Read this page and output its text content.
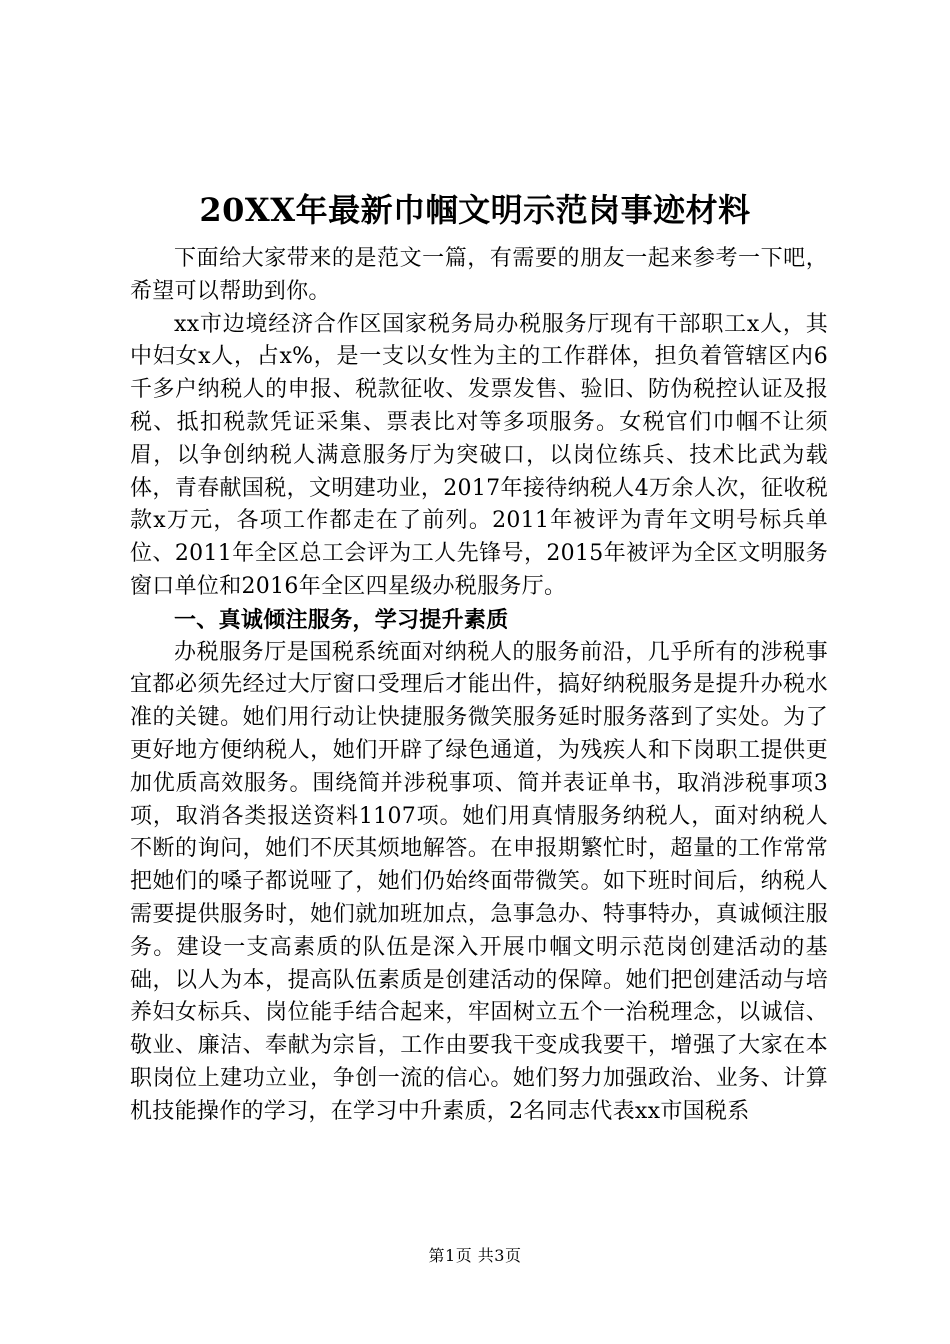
20XX年最新巾帼文明示范岗事迹材料

下面给大家带来的是范文一篇，有需要的朋友一起来参考一下吧，希望可以帮助到你。

xx市边境经济合作区国家税务局办税服务厅现有干部职工x人，其中妇女x人，占x%，是一支以女性为主的工作群体，担负着管辖区内6千多户纳税人的申报、税款征收、发票发售、验旧、防伪税控认证及报税、抵扣税款凭证采集、票表比对等多项服务。女税官们巾帼不让须眉，以争创纳税人满意服务厅为突破口，以岗位练兵、技术比武为载体，青春献国税，文明建功业，2017年接待纳税人4万余人次，征收税款x万元，各项工作都走在了前列。2011年被评为青年文明号标兵单位、2011年全区总工会评为工人先锋号，2015年被评为全区文明服务窗口单位和2016年全区四星级办税服务厅。

一、真诚倾注服务，学习提升素质

办税服务厅是国税系统面对纳税人的服务前沿，几乎所有的涉税事宜都必须先经过大厅窗口受理后才能出件，搞好纳税服务是提升办税水准的关键。她们用行动让快捷服务微笑服务延时服务落到了实处。为了更好地方便纳税人，她们开辟了绿色通道，为残疾人和下岗职工提供更加优质高效服务。围绕简并涉税事项、简并表证单书，取消涉税事项3项，取消各类报送资料1107项。她们用真情服务纳税人，面对纳税人不断的询问，她们不厌其烦地解答。在申报期繁忙时，超量的工作常常把她们的嗓子都说哑了，她们仍始终面带微笑。如下班时间后，纳税人需要提供服务时，她们就加班加点，急事急办、特事特办，真诚倾注服务。建设一支高素质的队伍是深入开展巾帼文明示范岗创建活动的基础，以人为本，提高队伍素质是创建活动的保障。她们把创建活动与培养妇女标兵、岗位能手结合起来，牢固树立五个一治税理念，以诚信、敬业、廉洁、奉献为宗旨，工作由要我干变成我要干，增强了大家在本职岗位上建功立业，争创一流的信心。她们努力加强政治、业务、计算机技能操作的学习，在学习中升素质，2名同志代表xx市国税系

第1页 共3页
